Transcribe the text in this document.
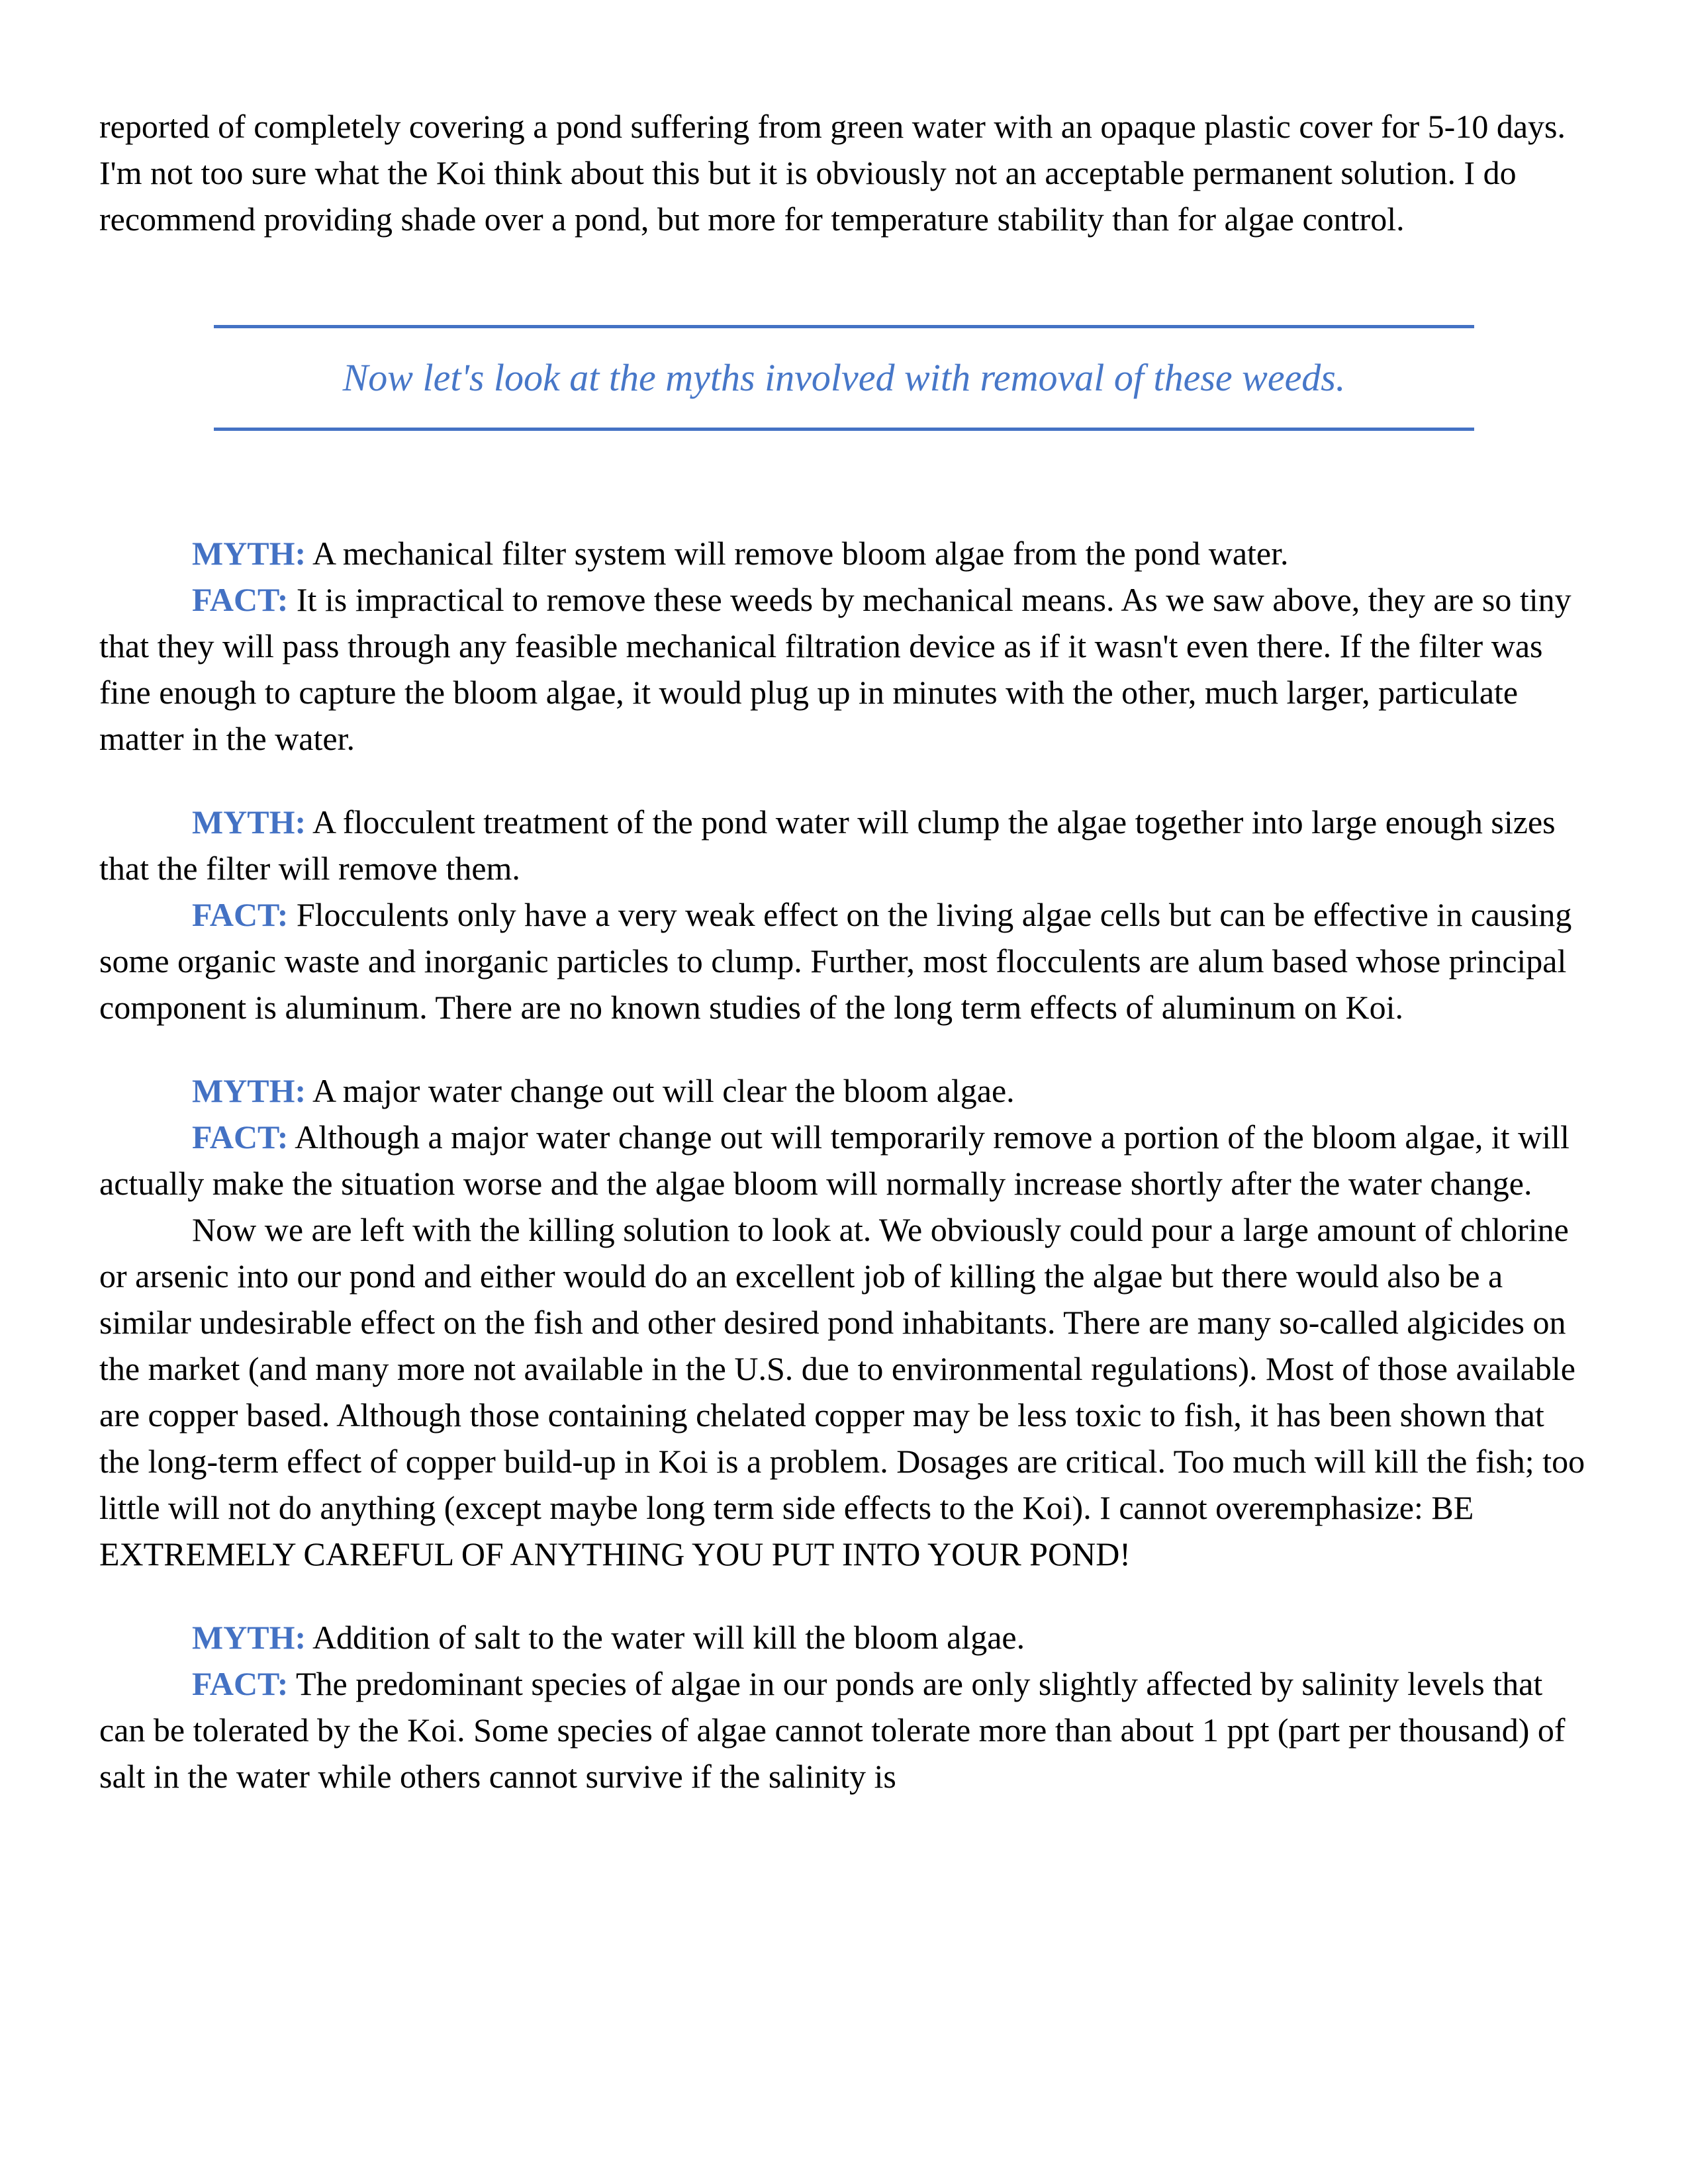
reported of completely covering a pond suffering from green water with an opaque plastic cover for 5-10 days. I'm not too sure what the Koi think about this but it is obviously not an acceptable permanent solution. I do recommend providing shade over a pond, but more for temperature stability than for algae control.

Now let's look at the myths involved with removal of these weeds.

MYTH: A mechanical filter system will remove bloom algae from the pond water.

FACT: It is impractical to remove these weeds by mechanical means. As we saw above, they are so tiny that they will pass through any feasible mechanical filtration device as if it wasn't even there. If the filter was fine enough to capture the bloom algae, it would plug up in minutes with the other, much larger, particulate matter in the water.

MYTH: A flocculent treatment of the pond water will clump the algae together into large enough sizes that the filter will remove them.

FACT: Flocculents only have a very weak effect on the living algae cells but can be effective in causing some organic waste and inorganic particles to clump. Further, most flocculents are alum based whose principal component is aluminum. There are no known studies of the long term effects of aluminum on Koi.

MYTH: A major water change out will clear the bloom algae.

FACT: Although a major water change out will temporarily remove a portion of the bloom algae, it will actually make the situation worse and the algae bloom will normally increase shortly after the water change.

Now we are left with the killing solution to look at. We obviously could pour a large amount of chlorine or arsenic into our pond and either would do an excellent job of killing the algae but there would also be a similar undesirable effect on the fish and other desired pond inhabitants. There are many so-called algicides on the market (and many more not available in the U.S. due to environmental regulations). Most of those available are copper based. Although those containing chelated copper may be less toxic to fish, it has been shown that the long-term effect of copper build-up in Koi is a problem. Dosages are critical. Too much will kill the fish; too little will not do anything (except maybe long term side effects to the Koi). I cannot overemphasize: BE EXTREMELY CAREFUL OF ANYTHING YOU PUT INTO YOUR POND!

MYTH: Addition of salt to the water will kill the bloom algae.

FACT: The predominant species of algae in our ponds are only slightly affected by salinity levels that can be tolerated by the Koi. Some species of algae cannot tolerate more than about 1 ppt (part per thousand) of salt in the water while others cannot survive if the salinity is
